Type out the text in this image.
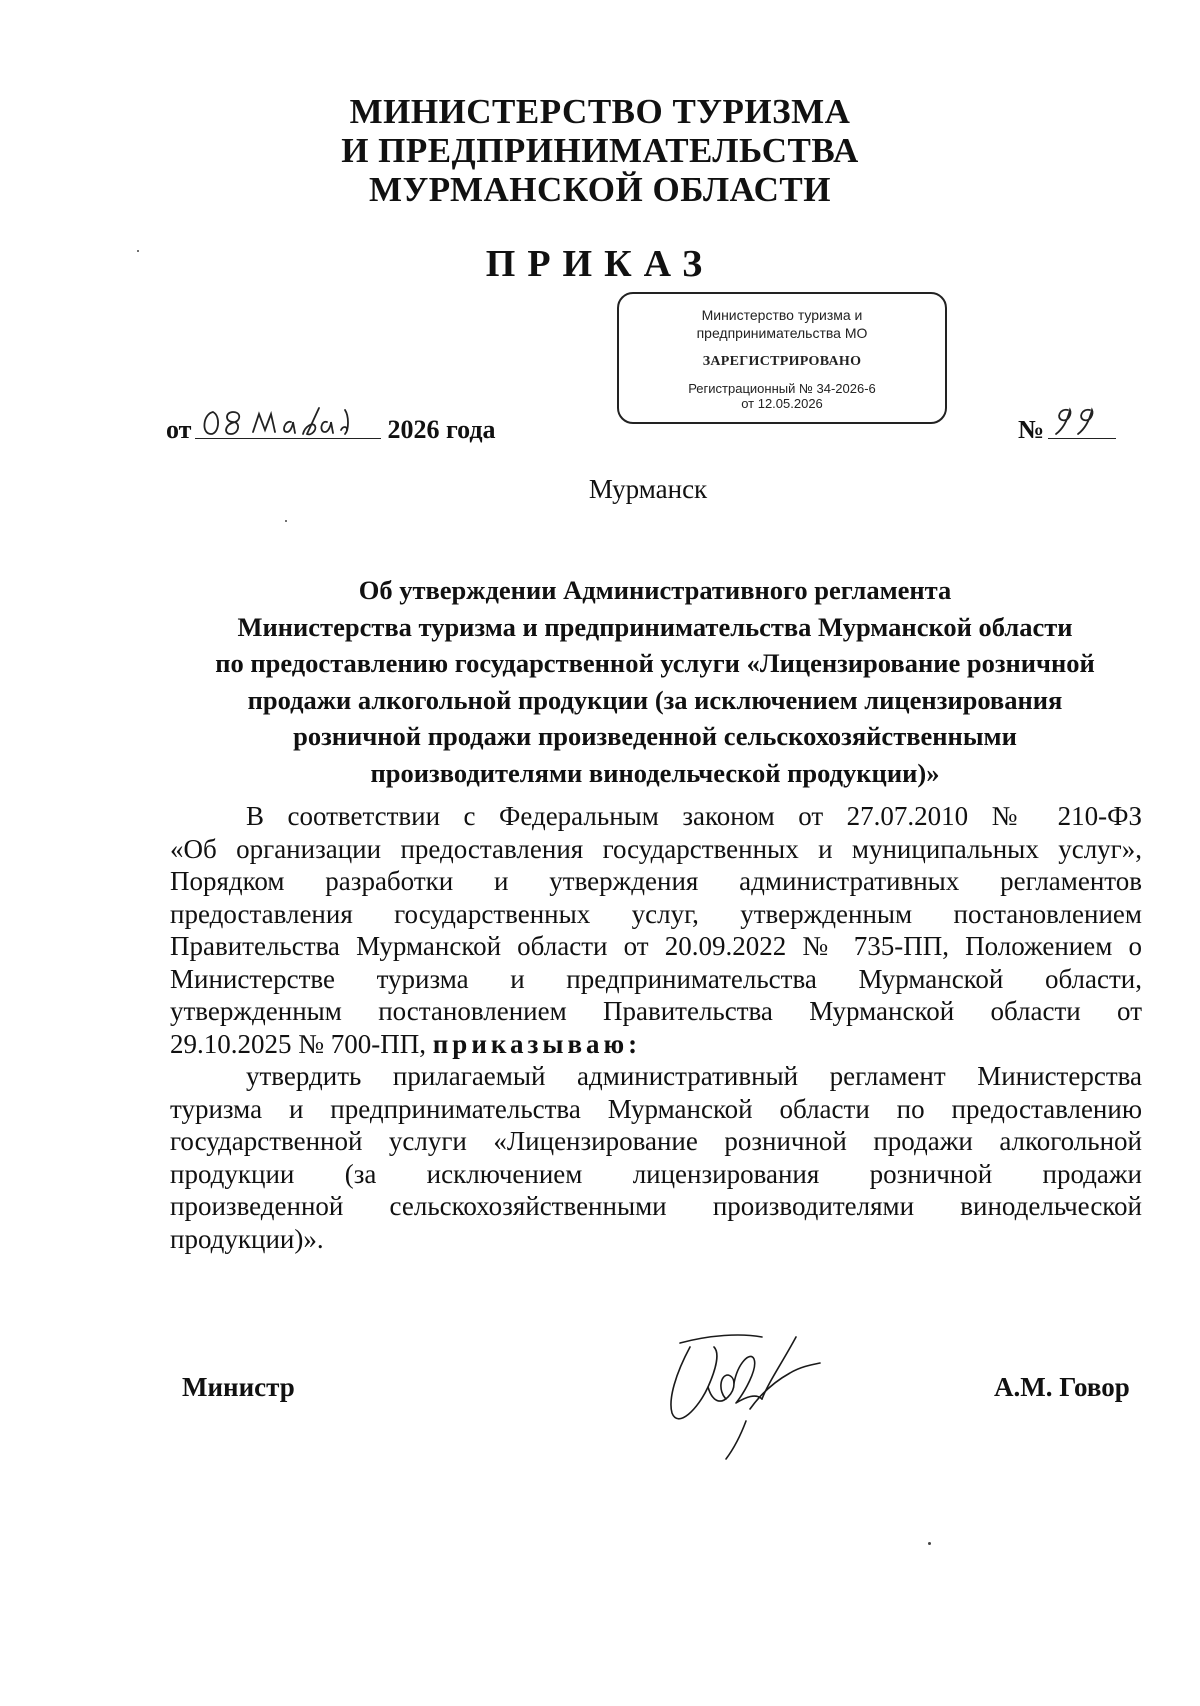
МИНИСТЕРСТВО ТУРИЗМА
И ПРЕДПРИНИМАТЕЛЬСТВА
МУРМАНСКОЙ ОБЛАСТИ
ПРИКАЗ
Министерство туризма и
предпринимательства МО
ЗАРЕГИСТРИРОВАНО
Регистрационный № 34-2026-6
от 12.05.2026
от	2026 года	№
Мурманск
Об утверждении Административного регламента
Министерства туризма и предпринимательства Мурманской области
по предоставлению государственной услуги «Лицензирование розничной
продажи алкогольной продукции (за исключением лицензирования
розничной продажи произведенной сельскохозяйственными
производителями винодельческой продукции)»
В соответствии с Федеральным законом от 27.07.2010 № 210-ФЗ
«Об организации предоставления государственных и муниципальных услуг»,
Порядком разработки и утверждения административных регламентов
предоставления государственных услуг, утвержденным постановлением
Правительства Мурманской области от 20.09.2022 № 735-ПП, Положением о
Министерстве туризма и предпринимательства Мурманской области,
утвержденным постановлением Правительства Мурманской области от
29.10.2025 № 700-ПП, приказываю:
утвердить прилагаемый административный регламент Министерства
туризма и предпринимательства Мурманской области по предоставлению
государственной услуги «Лицензирование розничной продажи алкогольной
продукции (за исключением лицензирования розничной продажи
произведенной сельскохозяйственными производителями винодельческой
продукции)».
Министр	А.М. Говор
